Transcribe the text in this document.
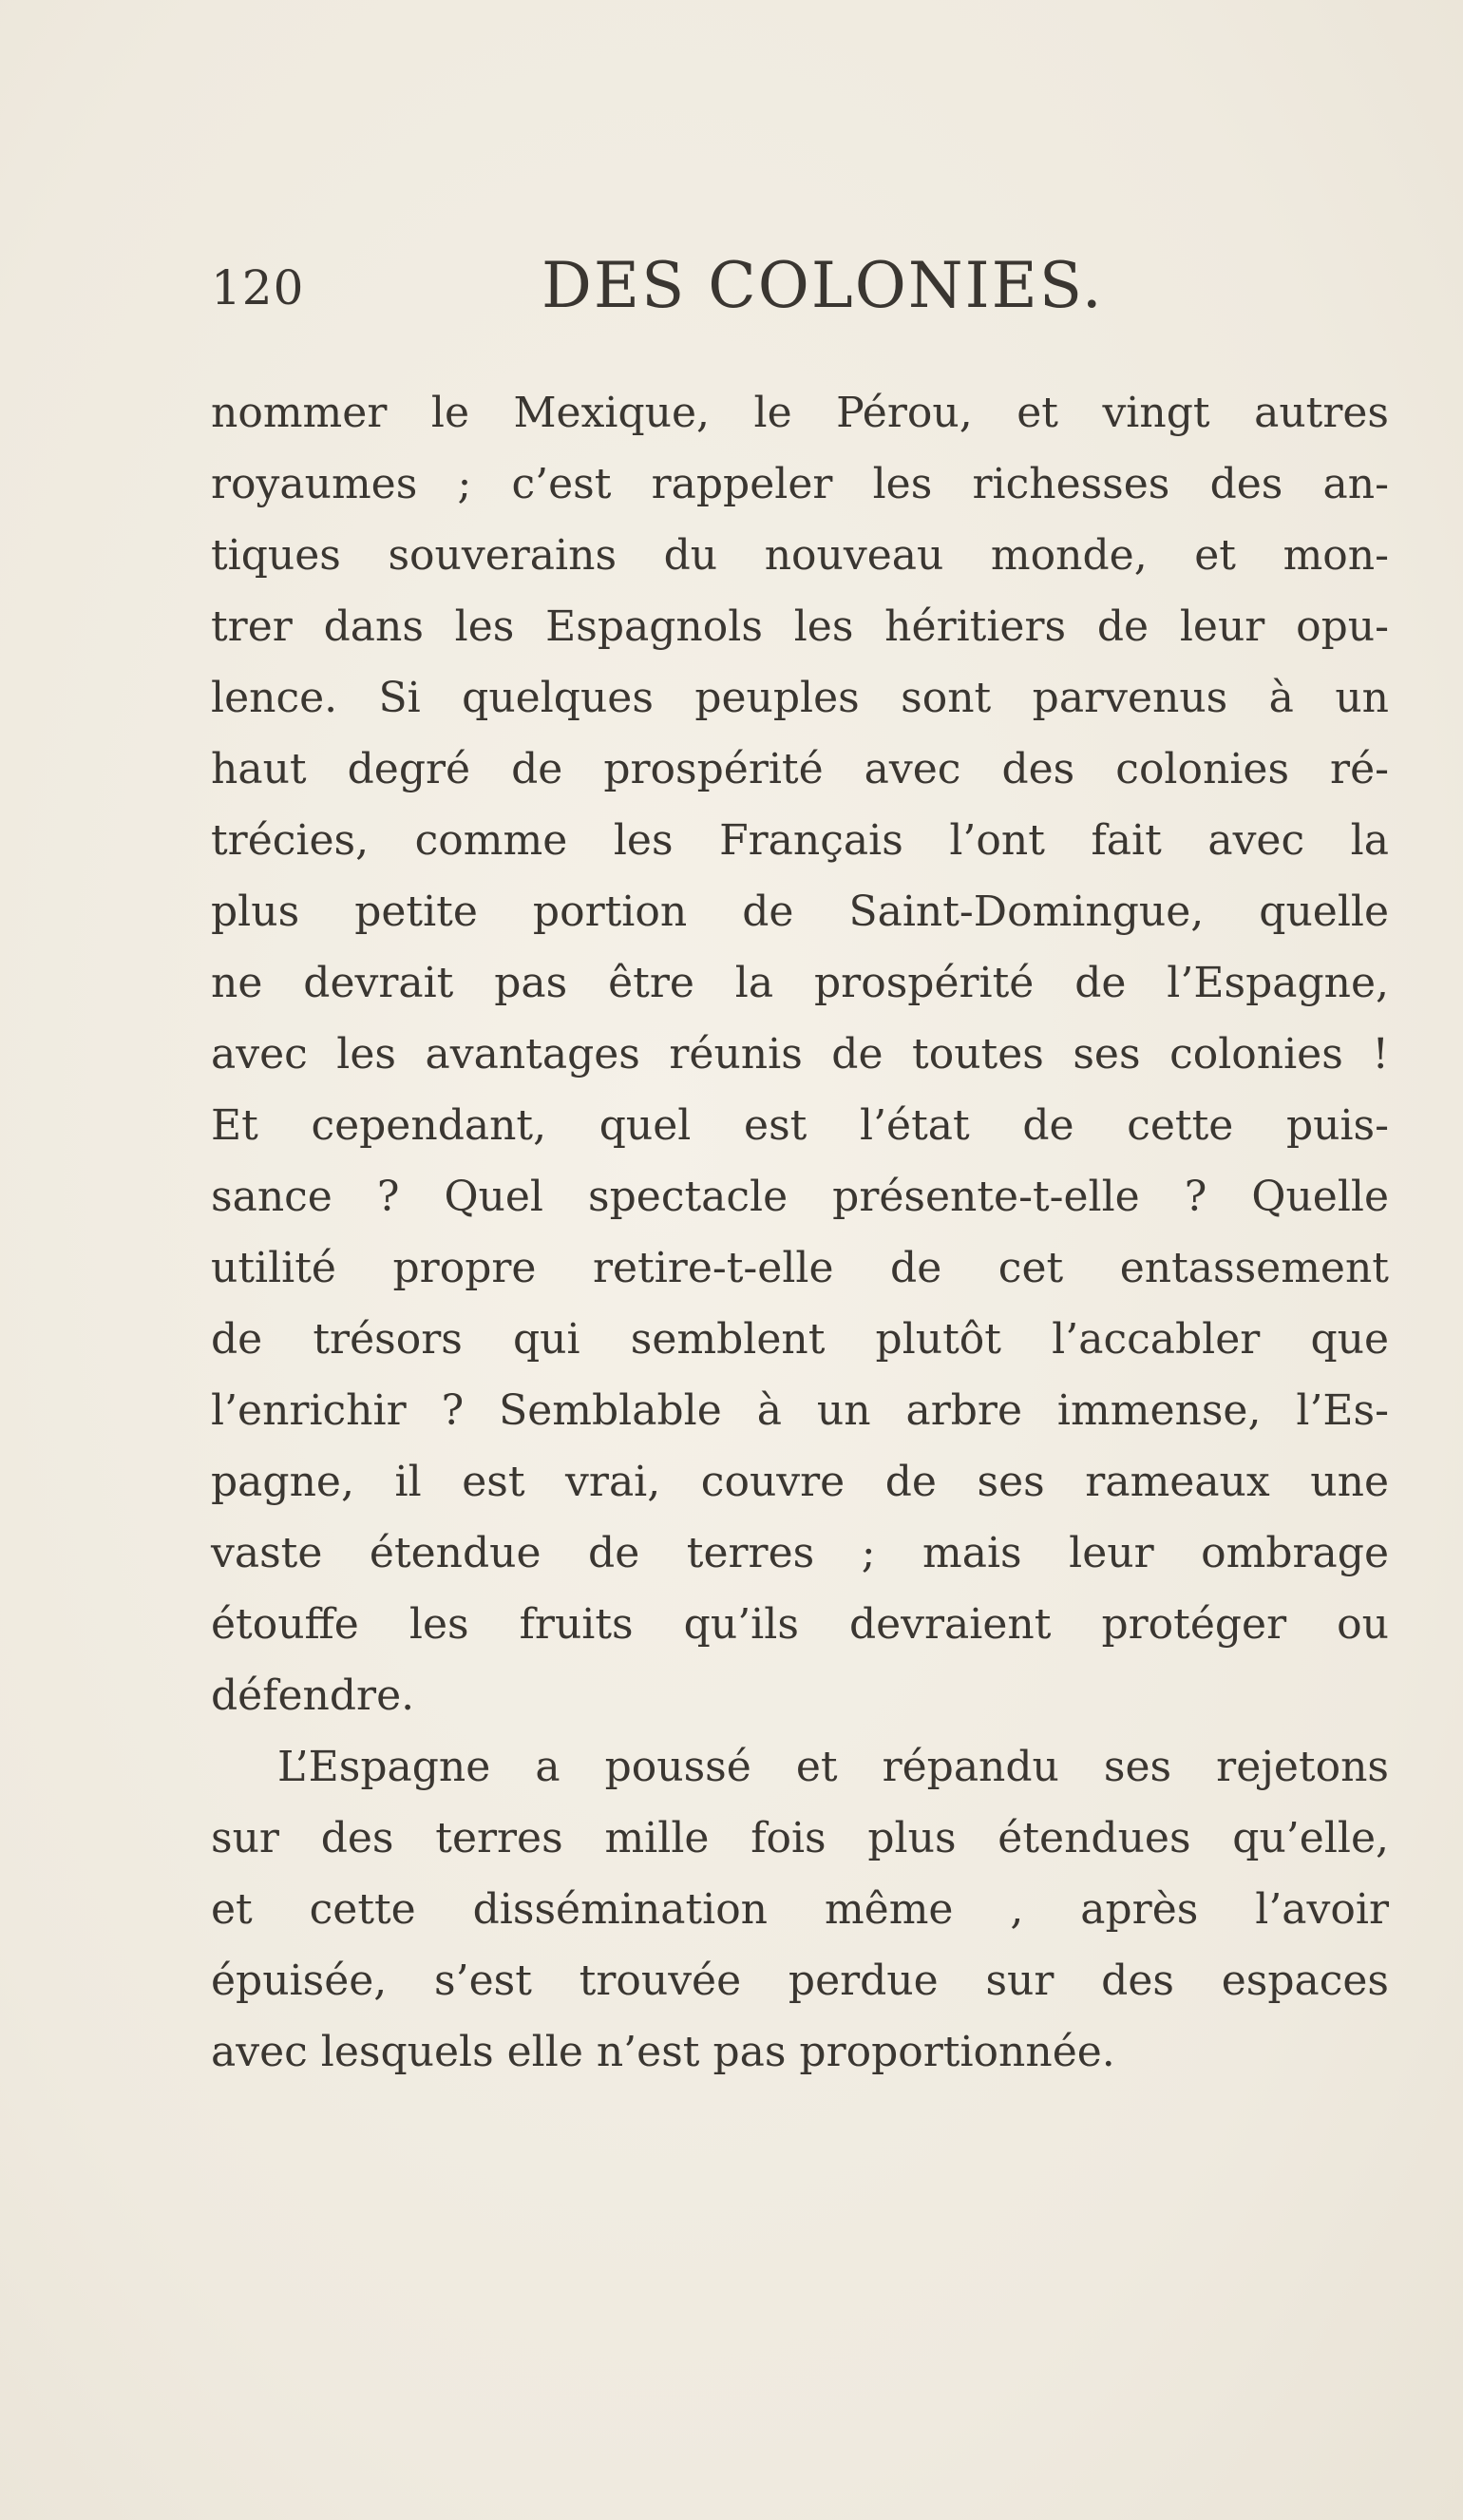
120	DES COLONIES.
nommer le Mexique, le Pérou, et vingt autres
royaumes ; c’est rappeler les richesses des an-
tiques souverains du nouveau monde, et mon-
trer dans les Espagnols les héritiers de leur opu-
lence. Si quelques peuples sont parvenus à un
haut degré de prospérité avec des colonies ré-
trécies, comme les Français l’ont fait avec la
plus petite portion de Saint-Domingue, quelle
ne devrait pas être la prospérité de l’Espagne,
avec les avantages réunis de toutes ses colonies !
Et cependant, quel est l’état de cette puis-
sance ? Quel spectacle présente-t-elle ? Quelle
utilité propre retire-t-elle de cet entassement
de trésors qui semblent plutôt l’accabler que
l’enrichir ? Semblable à un arbre immense, l’Es-
pagne, il est vrai, couvre de ses rameaux une
vaste étendue de terres ; mais leur ombrage
étouffe les fruits qu’ils devraient protéger ou
défendre.
L’Espagne a poussé et répandu ses rejetons
sur des terres mille fois plus étendues qu’elle,
et cette dissémination même , après l’avoir
épuisée, s’est trouvée perdue sur des espaces
avec lesquels elle n’est pas proportionnée.
